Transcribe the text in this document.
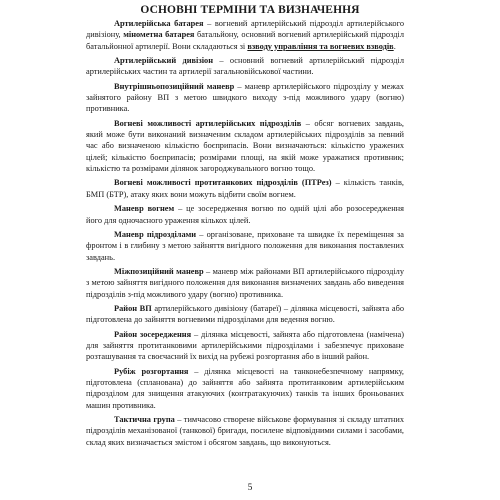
ОСНОВНІ ТЕРМІНИ ТА ВИЗНАЧЕННЯ

Артилерійська батарея – вогневий артилерійський підрозділ артилерійського дивізіону, мінометна батарея батальйону, основний вогневий артилерійський підрозділ батальйонної артилерії. Вони складаються зі взводу управління та вогневих взводів.

Артилерійський дивізіон – основний вогневий артилерійський підрозділ артилерійських частин та артилерії загальновійськової частини.

Внутрішньопозиційний маневр – маневр артилерійського підрозділу у межах зайнятого району ВП з метою швидкого виходу з-під можливого удару (вогню) противника.

Вогневі можливості артилерійських підрозділів – обсяг вогневих завдань, який може бути виконаний визначеним складом артилерійських підрозділів за певний час або визначеною кількістю боєприпасів. Вони визначаються: кількістю уражених цілей; кількістю боєприпасів; розмірами площі, на якій може уражатися противник; кількістю та розмірами ділянок загороджувального вогню тощо.

Вогневі можливості протитанкових підрозділів (ПТРез) – кількість танків, БМП (БТР), атаку яких вони можуть відбити своїм вогнем.

Маневр вогнем – це зосередження вогню по одній цілі або розосередження його для одночасного ураження кількох цілей.

Маневр підрозділами – організоване, приховане та швидке їх переміщення за фронтом і в глибину з метою зайняття вигідного положення для виконання поставлених завдань.

Міжпозиційний маневр – маневр між районами ВП артилерійського підрозділу з метою зайняття вигідного положення для виконання визначених завдань або виведення підрозділів з-під можливого удару (вогню) противника.

Район ВП артилерійського дивізіону (батареї) – ділянка місцевості, зайнята або підготовлена до зайняття вогневими підрозділами для ведення вогню.

Район зосередження – ділянка місцевості, зайнята або підготовлена (намічена) для зайняття протитанковими артилерійськими підрозділами і забезпечує приховане розташування та своєчасний їх вихід на рубежі розгортання або в інший район.

Рубіж розгортання – ділянка місцевості на танконебезпечному напрямку, підготовлена (спланована) до зайняття або зайнята протитанковим артилерійським підрозділом для знищення атакуючих (контратакуючих) танків та інших броньованих машин противника.

Тактична група – тимчасово створене військове формування зі складу штатних підрозділів механізованої (танкової) бригади, посилене відповідними силами і засобами, склад яких визначається змістом і обсягом завдань, що виконуються.

5
